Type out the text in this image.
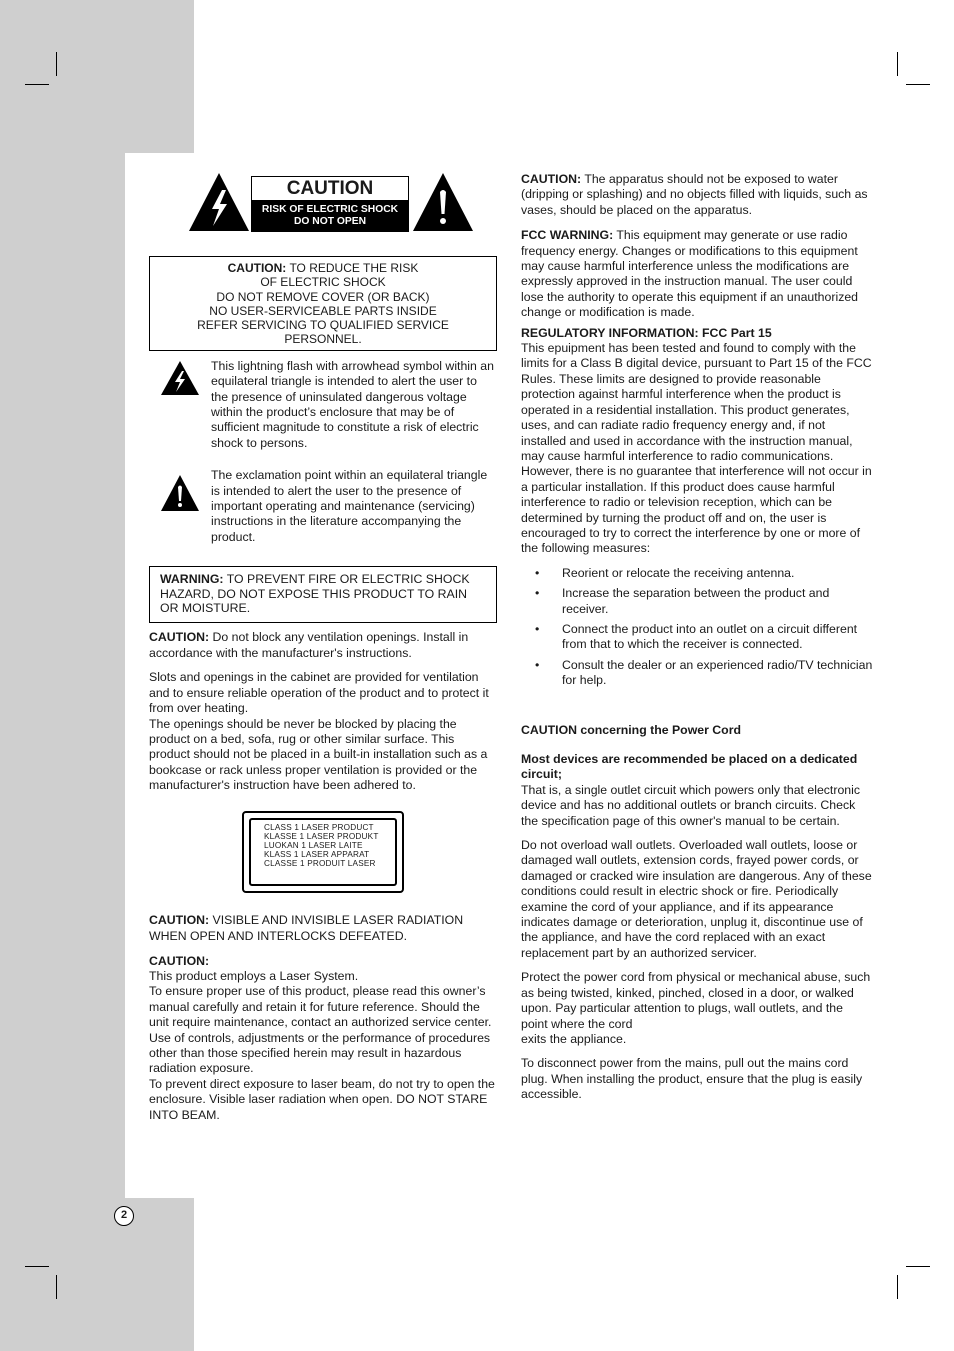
CAUTION
RISK OF ELECTRIC SHOCK
DO NOT OPEN
CAUTION: TO REDUCE THE RISK
OF ELECTRIC SHOCK
DO NOT REMOVE COVER (OR BACK)
NO USER-SERVICEABLE PARTS INSIDE
REFER SERVICING TO QUALIFIED SERVICE
PERSONNEL.
This lightning flash with arrowhead symbol within an equilateral triangle is intended to alert the user to the presence of uninsulated dangerous voltage within the product’s enclosure that may be of sufficient magnitude to constitute a risk of electric shock to persons.
The exclamation point within an equilateral triangle is intended to alert the user to the presence of important operating and maintenance (servicing) instructions in the literature accompanying the product.
WARNING: TO PREVENT FIRE OR ELECTRIC SHOCK HAZARD, DO NOT EXPOSE THIS PRODUCT TO RAIN OR MOISTURE.

CAUTION: Do not block any ventilation openings. Install in accordance with the manufacturer's instructions.

Slots and openings in the cabinet are provided for ventilation and to ensure reliable operation of the product and to protect it from over heating.

The openings should be never be blocked by placing the product on a bed, sofa, rug or other similar surface. This product should not be placed in a built-in installation such as a bookcase or rack unless proper ventilation is provided or the manufacturer's instruction have been adhered to.

CLASS 1 LASER PRODUCT
KLASSE 1 LASER PRODUKT
LUOKAN 1 LASER LAITE
KLASS 1 LASER APPARAT
CLASSE 1 PRODUIT LASER

CAUTION: VISIBLE AND INVISIBLE LASER RADIATION WHEN OPEN AND INTERLOCKS DEFEATED.

CAUTION:
This product employs a Laser System.
To ensure proper use of this product, please read this owner’s manual carefully and retain it for future reference. Should the unit require maintenance, contact an authorized service center.
Use of controls, adjustments or the performance of procedures other than those specified herein may result in hazardous radiation exposure.
To prevent direct exposure to laser beam, do not try to open the enclosure. Visible laser radiation when open. DO NOT STARE INTO BEAM.

CAUTION: The apparatus should not be exposed to water (dripping or splashing) and no objects filled with liquids, such as vases, should be placed on the apparatus.

FCC WARNING: This equipment may generate or use radio frequency energy. Changes or modifications to this equipment may cause harmful interference unless the modifications are expressly approved in the instruction manual. The user could lose the authority to operate this equipment if an unauthorized change or modification is made.

REGULATORY INFORMATION: FCC Part 15

This epuipment has been tested and found to comply with the limits for a Class B digital device, pursuant to Part 15 of the FCC Rules. These limits are designed to provide reasonable protection against harmful interference when the product is operated in a residential installation. This product generates, uses, and can radiate radio frequency energy and, if not installed and used in accordance with the instruction manual, may cause harmful interference to radio communications. However, there is no guarantee that interference will not occur in a particular installation. If this product does cause harmful interference to radio or television reception, which can be determined by turning the product off and on, the user is encouraged to try to correct the interference by one or more of the following measures:

• Reorient or relocate the receiving antenna.
• Increase the separation between the product and receiver.
• Connect the product into an outlet on a circuit different from that to which the receiver is connected.
• Consult the dealer or an experienced radio/TV technician for help.

CAUTION concerning the Power Cord

Most devices are recommended be placed on a dedicated circuit;

That is, a single outlet circuit which powers only that electronic device and has no additional outlets or branch circuits. Check the specification page of this owner's manual to be certain.

Do not overload wall outlets. Overloaded wall outlets, loose or damaged wall outlets, extension cords, frayed power cords, or damaged or cracked wire insulation are dangerous. Any of these conditions could result in electric shock or fire. Periodically examine the cord of your appliance, and if its appearance indicates damage or deterioration, unplug it, discontinue use of the appliance, and have the cord replaced with an exact replacement part by an authorized servicer.

Protect the power cord from physical or mechanical abuse, such as being twisted, kinked, pinched, closed in a door, or walked upon. Pay particular attention to plugs, wall outlets, and the point where the cord
exits the appliance.

To disconnect power from the mains, pull out the mains cord plug. When installing the product, ensure that the plug is easily accessible.

2
